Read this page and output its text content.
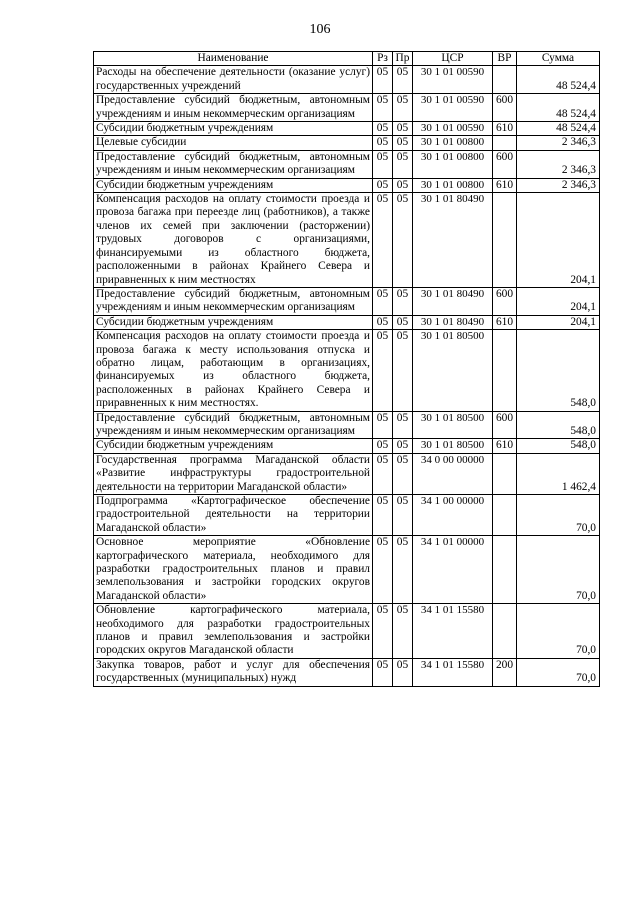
106
Наименование	Рз	Пр	ЦСР	ВР	Сумма
Расходы на обеспечение деятельности (оказание услуг) государственных учреждений	05	05	30 1 01 00590		48 524,4
Предоставление субсидий бюджетным, автономным учреждениям и иным некоммерческим организациям	05	05	30 1 01 00590	600	48 524,4
Субсидии бюджетным учреждениям	05	05	30 1 01 00590	610	48 524,4
Целевые субсидии	05	05	30 1 01 00800		2 346,3
Предоставление субсидий бюджетным, автономным учреждениям и иным некоммерческим организациям	05	05	30 1 01 00800	600	2 346,3
Субсидии бюджетным учреждениям	05	05	30 1 01 00800	610	2 346,3
Компенсация расходов на оплату стоимости проезда и провоза багажа при переезде лиц (работников), а также членов их семей при заключении (расторжении) трудовых договоров с организациями, финансируемыми из областного бюджета, расположенными в районах Крайнего Севера и приравненных к ним местностях	05	05	30 1 01 80490		204,1
Предоставление субсидий бюджетным, автономным учреждениям и иным некоммерческим организациям	05	05	30 1 01 80490	600	204,1
Субсидии бюджетным учреждениям	05	05	30 1 01 80490	610	204,1
Компенсация расходов на оплату стоимости проезда и провоза багажа к месту использования отпуска и обратно лицам, работающим в организациях, финансируемых из областного бюджета, расположенных в районах Крайнего Севера и приравненных к ним местностях.	05	05	30 1 01 80500		548,0
Предоставление субсидий бюджетным, автономным учреждениям и иным некоммерческим организациям	05	05	30 1 01 80500	600	548,0
Субсидии бюджетным учреждениям	05	05	30 1 01 80500	610	548,0
Государственная программа Магаданской области «Развитие инфраструктуры градостроительной деятельности на территории Магаданской области»	05	05	34 0 00 00000		1 462,4
Подпрограмма «Картографическое обеспечение градостроительной деятельности на территории Магаданской области»	05	05	34 1 00 00000		70,0
Основное мероприятие «Обновление картографического материала, необходимого для разработки градостроительных планов и правил землепользования и застройки городских округов Магаданской области»	05	05	34 1 01 00000		70,0
Обновление картографического материала, необходимого для разработки градостроительных планов и правил землепользования и застройки городских округов Магаданской области	05	05	34 1 01 15580		70,0
Закупка товаров, работ и услуг для обеспечения государственных (муниципальных) нужд	05	05	34 1 01 15580	200	70,0
